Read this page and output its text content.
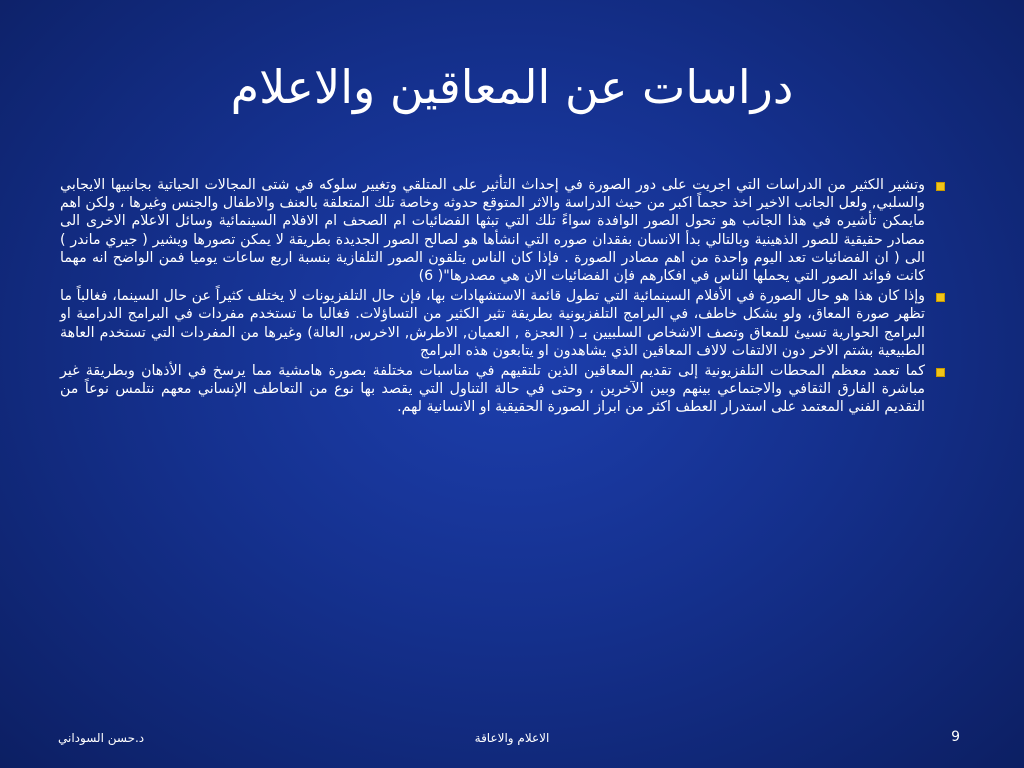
دراسات عن المعاقين والاعلام
وتشير الكثير من الدراسات التي اجريت على دور الصورة في إحداث التأثير على المتلقي وتغيير سلوكه في شتى المجالات الحياتية بجانبيها الايجابي والسلبي, ولعل الجانب الاخير اخذ حجماً اكبر من حيث الدراسة والاثر المتوقع حدوثه وخاصة تلك المتعلقة بالعنف والاطفال والجنس وغيرها ، ولكن اهم مايمكن تأشيره في هذا الجانب هو تحول الصور الوافدة سواءً تلك التي تبثها الفضائيات ام الصحف ام الافلام السينمائية وسائل الاعلام الاخرى الى مصادر حقيقية للصور الذهينية وبالتالي بدأ الانسان بفقدان صوره التي انشأها هو لصالح الصور الجديدة بطريقة لا يمكن تصورها ويشير ( جيري ماندر ) الى ( ان الفضائيات تعد اليوم واحدة من اهم مصادر الصورة . فإذا كان الناس يتلقون الصور التلفازية بنسبة اربع ساعات يوميا فمن الواضح انه مهما كانت فوائد الصور التي يحملها الناس في افكارهم فإن الفضائيات الان هي مصدرها"( 6)
وإذا كان هذا هو حال الصورة في الأفلام السينمائية التي تطول قائمة الاستشهادات بها، فإن حال التلفزيونات لا يختلف كثيراً عن حال السينما، فغالباً ما تظهر صورة المعاق، ولو بشكل خاطف، في البرامج التلفزيونية بطريقة تثير الكثير من التساؤلات. فغالبا ما تستخدم مفردات في البرامج الدرامية او البرامج الحوارية تسيئ للمعاق وتصف الاشخاص السلبيين بـ ( العجزة , العميان, الاطرش, الاخرس, العالة) وغيرها من المفردات التي تستخدم العاهة الطبيعية بشتم الاخر دون الالتفات لالاف المعاقين الذي يشاهدون او يتابعون هذه البرامج
كما تعمد معظم المحطات التلفزيونية إلى تقديم المعاقين الذين تلتقيهم في مناسبات مختلفة بصورة هامشية مما يرسخ في الأذهان وبطريقة غير مباشرة الفارق الثقافي والاجتماعي بينهم وبين الآخرين ، وحتى في حالة التناول التي يقصد بها نوع من التعاطف الإنساني معهم نتلمس نوعاً من التقديم الفني المعتمد على استدرار العطف اكثر من ابراز الصورة الحقيقية او الانسانية لهم.
د.حسن السوداني	الاعلام والاعاقة	9
